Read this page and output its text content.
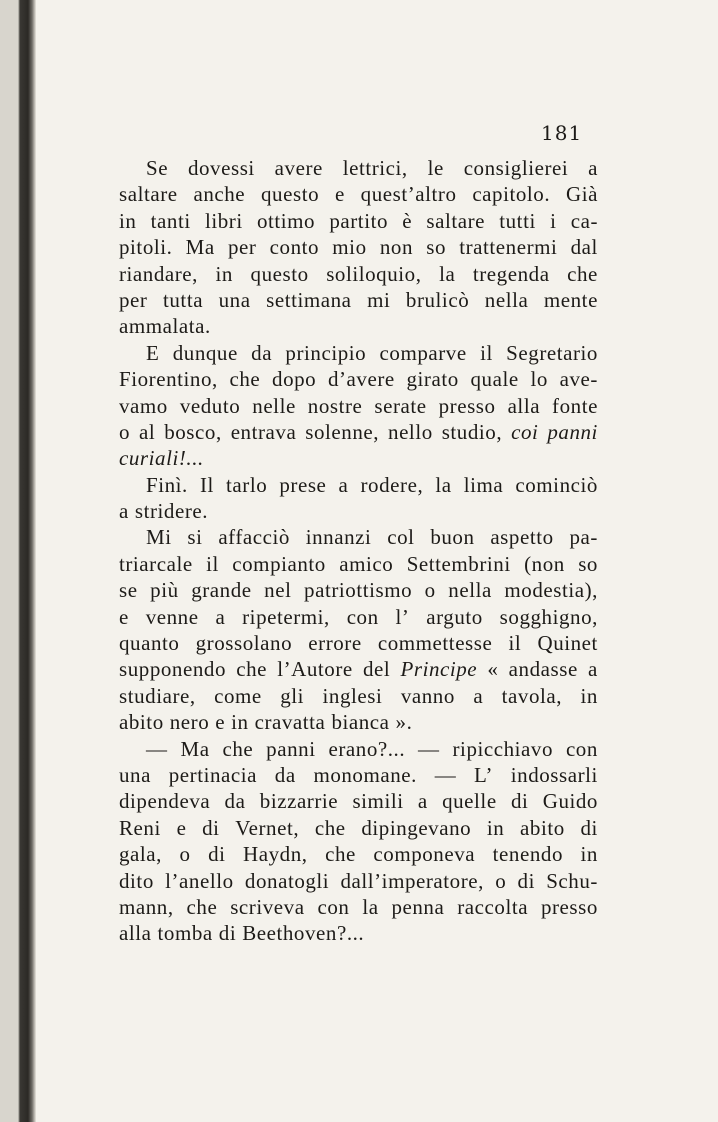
181
Se dovessi avere lettrici, le consiglierei a
saltare anche questo e quest’altro capitolo. Già
in tanti libri ottimo partito è saltare tutti i ca-
pitoli. Ma per conto mio non so trattenermi dal
riandare, in questo soliloquio, la tregenda che
per tutta una settimana mi brulicò nella mente
ammalata.
E dunque da principio comparve il Segretario
Fiorentino, che dopo d’avere girato quale lo ave-
vamo veduto nelle nostre serate presso alla fonte
o al bosco, entrava solenne, nello studio, coi panni
curiali!...
Finì. Il tarlo prese a rodere, la lima cominciò
a stridere.
Mi si affacciò innanzi col buon aspetto pa-
triarcale il compianto amico Settembrini (non so
se più grande nel patriottismo o nella modestia),
e venne a ripetermi, con l’ arguto sogghigno,
quanto grossolano errore commettesse il Quinet
supponendo che l’Autore del Principe « andasse a
studiare, come gli inglesi vanno a tavola, in
abito nero e in cravatta bianca ».
— Ma che panni erano?... — ripicchiavo con
una pertinacia da monomane. — L’ indossarli
dipendeva da bizzarrie simili a quelle di Guido
Reni e di Vernet, che dipingevano in abito di
gala, o di Haydn, che componeva tenendo in
dito l’anello donatogli dall’imperatore, o di Schu-
mann, che scriveva con la penna raccolta presso
alla tomba di Beethoven?...
